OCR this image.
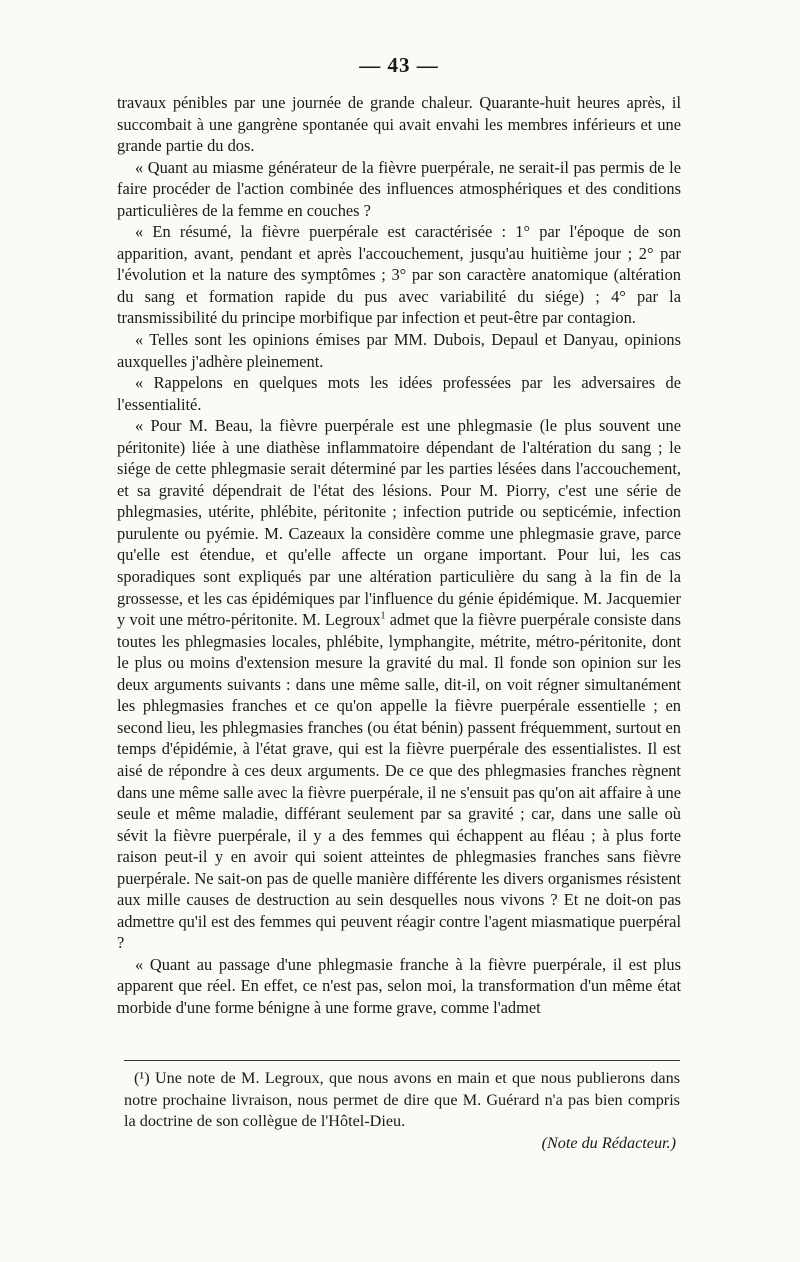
— 43 —

travaux pénibles par une journée de grande chaleur. Quarante-huit heures après, il succombait à une gangrène spontanée qui avait envahi les membres inférieurs et une grande partie du dos.

« Quant au miasme générateur de la fièvre puerpérale, ne serait-il pas permis de le faire procéder de l'action combinée des influences atmosphériques et des conditions particulières de la femme en couches ?

« En résumé, la fièvre puerpérale est caractérisée : 1° par l'époque de son apparition, avant, pendant et après l'accouchement, jusqu'au huitième jour ; 2° par l'évolution et la nature des symptômes ; 3° par son caractère anatomique (altération du sang et formation rapide du pus avec variabilité du siége) ; 4° par la transmissibilité du principe morbifique par infection et peut-être par contagion.

« Telles sont les opinions émises par MM. Dubois, Depaul et Danyau, opinions auxquelles j'adhère pleinement.

« Rappelons en quelques mots les idées professées par les adversaires de l'essentialité.

« Pour M. Beau, la fièvre puerpérale est une phlegmasie (le plus souvent une péritonite) liée à une diathèse inflammatoire dépendant de l'altération du sang ; le siége de cette phlegmasie serait déterminé par les parties lésées dans l'accouchement, et sa gravité dépendrait de l'état des lésions. Pour M. Piorry, c'est une série de phlegmasies, utérite, phlébite, péritonite ; infection putride ou septicémie, infection purulente ou pyémie. M. Cazeaux la considère comme une phlegmasie grave, parce qu'elle est étendue, et qu'elle affecte un organe important. Pour lui, les cas sporadiques sont expliqués par une altération particulière du sang à la fin de la grossesse, et les cas épidémiques par l'influence du génie épidémique. M. Jacquemier y voit une métro-péritonite. M. Legroux$^1$ admet que la fièvre puerpérale consiste dans toutes les phlegmasies locales, phlébite, lymphangite, métrite, métro-péritonite, dont le plus ou moins d'extension mesure la gravité du mal. Il fonde son opinion sur les deux arguments suivants : dans une même salle, dit-il, on voit régner simultanément les phlegmasies franches et ce qu'on appelle la fièvre puerpérale essentielle ; en second lieu, les phlegmasies franches (ou état bénin) passent fréquemment, surtout en temps d'épidémie, à l'état grave, qui est la fièvre puerpérale des essentialistes. Il est aisé de répondre à ces deux arguments. De ce que des phlegmasies franches règnent dans une même salle avec la fièvre puerpérale, il ne s'ensuit pas qu'on ait affaire à une seule et même maladie, différant seulement par sa gravité ; car, dans une salle où sévit la fièvre puerpérale, il y a des femmes qui échappent au fléau ; à plus forte raison peut-il y en avoir qui soient atteintes de phlegmasies franches sans fièvre puerpérale. Ne sait-on pas de quelle manière différente les divers organismes résistent aux mille causes de destruction au sein desquelles nous vivons ? Et ne doit-on pas admettre qu'il est des femmes qui peuvent réagir contre l'agent miasmatique puerpéral ?

« Quant au passage d'une phlegmasie franche à la fièvre puerpérale, il est plus apparent que réel. En effet, ce n'est pas, selon moi, la transformation d'un même état morbide d'une forme bénigne à une forme grave, comme l'admet

(¹) Une note de M. Legroux, que nous avons en main et que nous publierons dans notre prochaine livraison, nous permet de dire que M. Guérard n'a pas bien compris la doctrine de son collègue de l'Hôtel-Dieu.

(Note du Rédacteur.)
